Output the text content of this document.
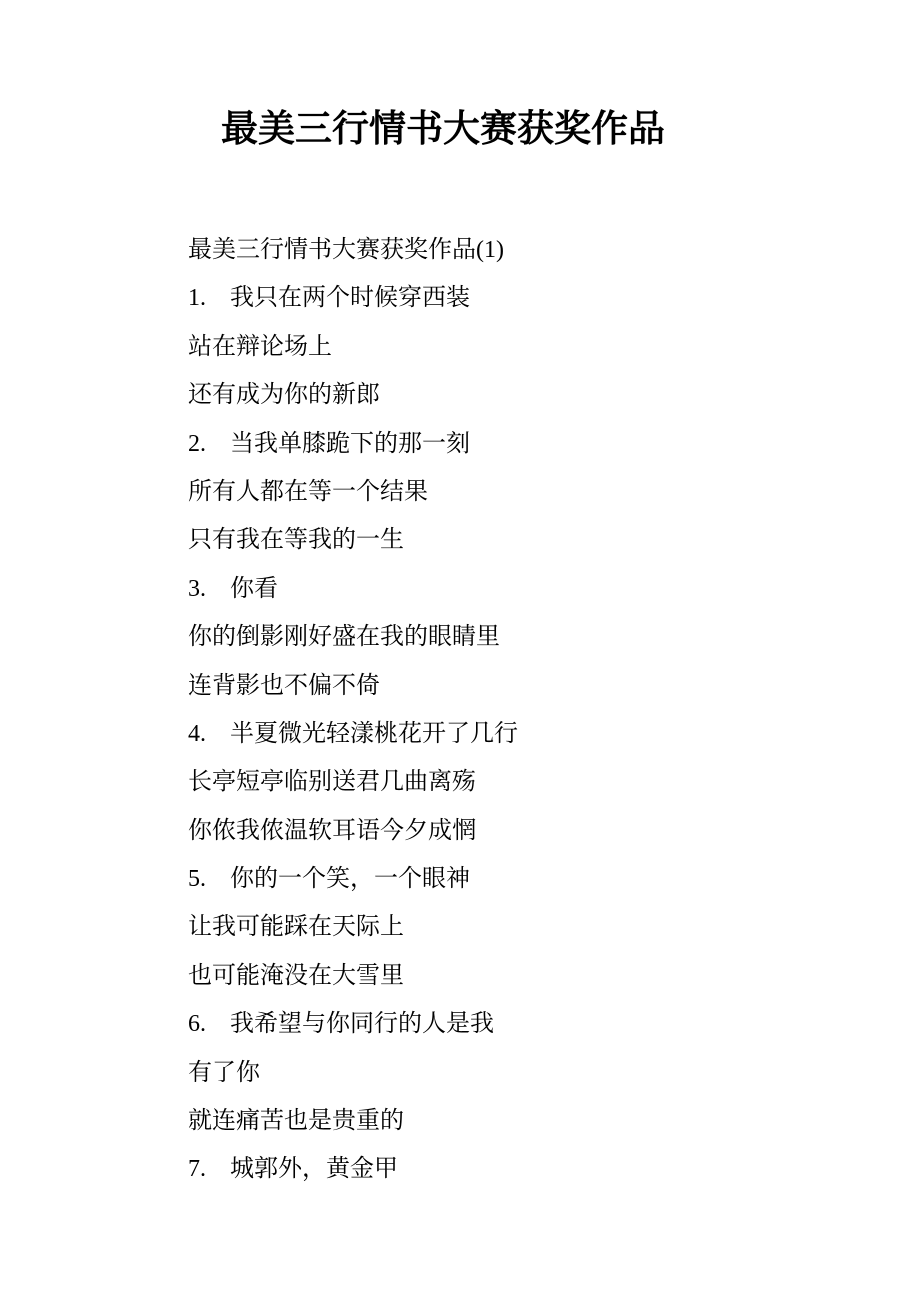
最美三行情书大赛获奖作品

最美三行情书大赛获奖作品(1)

1.　我只在两个时候穿西装

站在辩论场上

还有成为你的新郎

2.　当我单膝跪下的那一刻

所有人都在等一个结果

只有我在等我的一生

3.　你看

你的倒影刚好盛在我的眼睛里

连背影也不偏不倚

4.　半夏微光轻漾桃花开了几行

长亭短亭临别送君几曲离殇

你侬我侬温软耳语今夕成惘

5.　你的一个笑，一个眼神

让我可能踩在天际上

也可能淹没在大雪里

6.　我希望与你同行的人是我

有了你

就连痛苦也是贵重的

7.　城郭外，黄金甲
